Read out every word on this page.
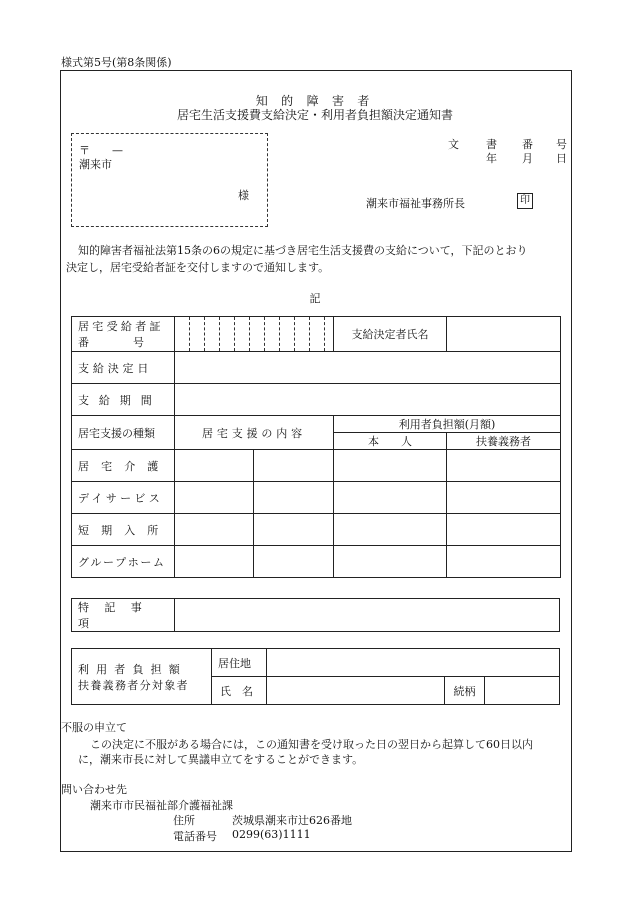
様式第5号(第8条関係)
知 的 障 害 者
居宅生活支援費支給決定・利用者負担額決定通知書
〒　　—
潮来市
様
文 書 番 号
年 月 日
潮来市福祉事務所長	印
知的障害者福祉法第15条の6の規定に基づき居宅生活支援費の支給について，下記のとおり
決定し，居宅受給者証を交付しますので通知します。
記
居宅受給者証
番　　　　号			支給決定者氏名	
支給決定日				
支給期間				
居宅支援の種類	居宅支援の内容		利用者負担額(月額)	
			本　　人	扶養義務者
居宅介護				
デイサービス				
短期入所				
グループホーム				
特記事項	
利用者負担額
扶養義務者分対象者	居住地			
	氏　名		続柄	
不服の申立て
この決定に不服がある場合には，この通知書を受け取った日の翌日から起算して60日以内
に，潮来市長に対して異議申立てをすることができます。
問い合わせ先
潮来市市民福祉部介護福祉課
住所	茨城県潮来市辻626番地
電話番号 0299(63)1111
